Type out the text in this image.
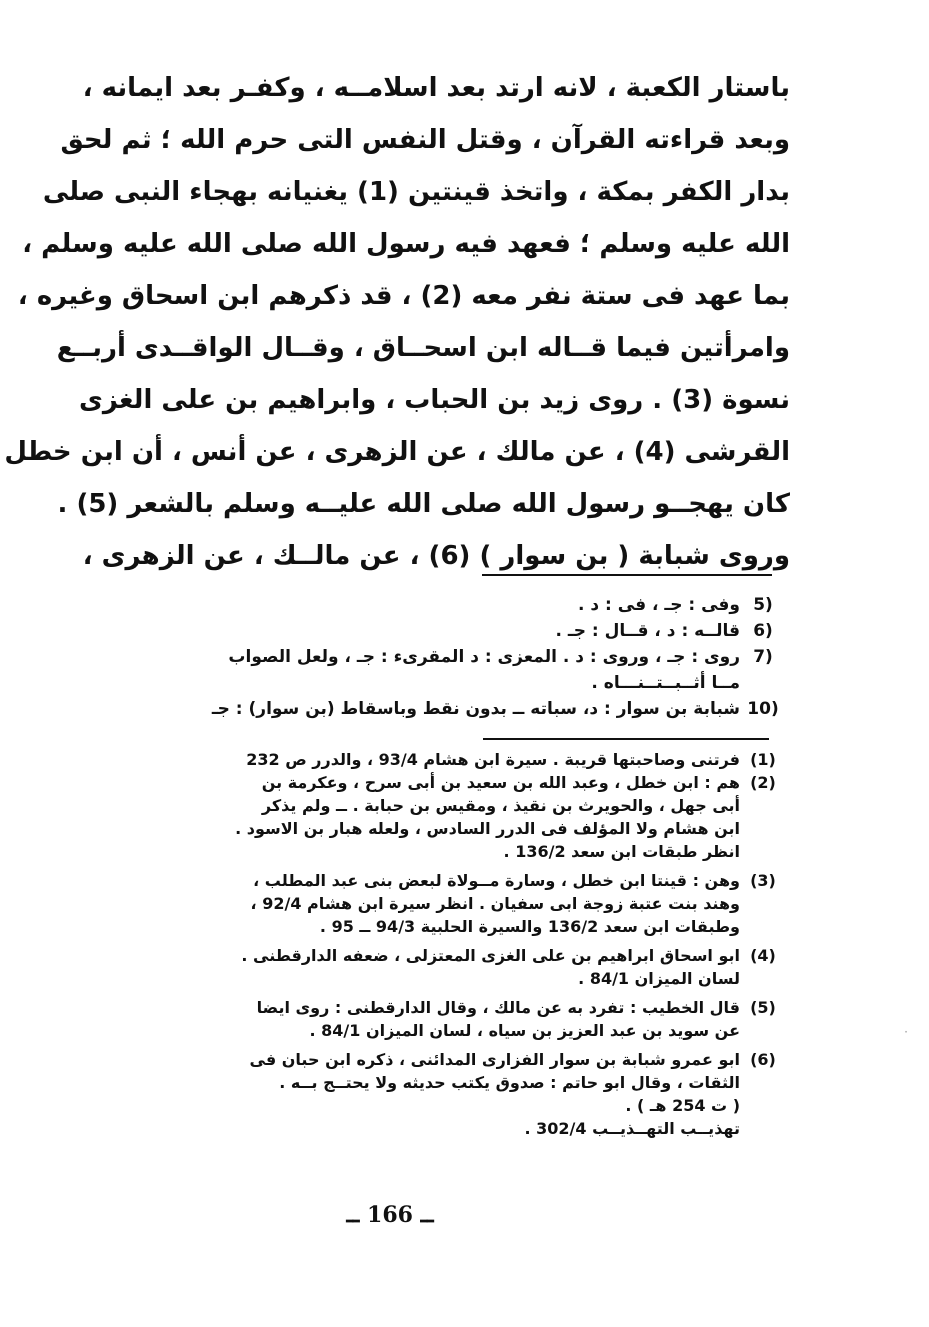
باستار الكعبة ، لانه ارتد بعد اسلامــه ، وكفـر بعد ايمانه ،
وبعد قراءته القرآن ، وقتل النفس التى حرم الله ؛ ثم لحق
بدار الكفر بمكة ، واتخذ قينتين (1) يغنيانه بهجاء النبى صلى
الله عليه وسلم ؛ فعهد فيه رسول الله صلى الله عليه وسلم ،
بما عهد فى ستة نفر معه (2) ، قد ذكرهم ابن اسحاق وغيره ،
وامرأتين فيما قــاله ابن اسحــاق ، وقــال الواقــدى أربــع
نسوة (3) . روى زيد بن الحباب ، وابراهيم بن على الغزى
القرشى (4) ، عن مالك ، عن الزهرى ، عن أنس ، أن ابن خطل
كان يهجــو رسول الله صلى الله عليــه وسلم بالشعر (5) .
وروى شبابة ( بن سوار ) (6) ، عن مالــك ، عن الزهرى ،
5)
وفى : جـ ، فى : د .
6)
قالــه : د ، قــال : جـ .
7)
روى : جـ ، وروى : د . المعزى : د المقرىء : جـ ، ولعل الصواب
مــا أثــبــتــنـــاه .
10)
شبابة بن سوار : د، سباته ــ بدون نقط وباسقاط (بن سوار) : جـ
(1)
فرتنى وصاحبتها قريبة . سيرة ابن هشام 93/4 ، والدرر ص 232
(2)
هم : ابن خطل ، وعبد الله بن سعيد بن أبى سرح ، وعكرمة بن
أبى جهل ، والحويرث بن نقيذ ، ومقيس بن حبابة . ــ ولم يذكر
ابن هشام ولا المؤلف فى الدرر السادس ، ولعله هبار بن الاسود .
انظر طبقات ابن سعد 136/2 .
(3)
وهن : قينتا ابن خطل ، وسارة مــولاة لبعض بنى عبد المطلب ،
وهند بنت عتبة زوجة ابى سفيان . انظر سيرة ابن هشام 92/4 ،
وطبقات ابن سعد 136/2 والسيرة الحلبية 94/3 ــ 95 .
(4)
ابو اسحاق ابراهيم بن على الغزى المعتزلى ، ضعفه الدارقطنى .
لسان الميزان 84/1 .
(5)
قال الخطيب : تفرد به عن مالك ، وقال الدارقطنى : روى ايضا
عن سويد بن عبد العزيز بن سياه ، لسان الميزان 84/1 .
(6)
ابو عمرو شبابة بن سوار الفزارى المدائنى ، ذكره ابن حبان فى
الثقات ، وقال ابو حاتم : صدوق يكتب حديثه ولا يحتــج بــه .
( ت 254 هـ ) .
تهذيــب التهــذيــب 302/4 .
ــ 166 ــ
·
